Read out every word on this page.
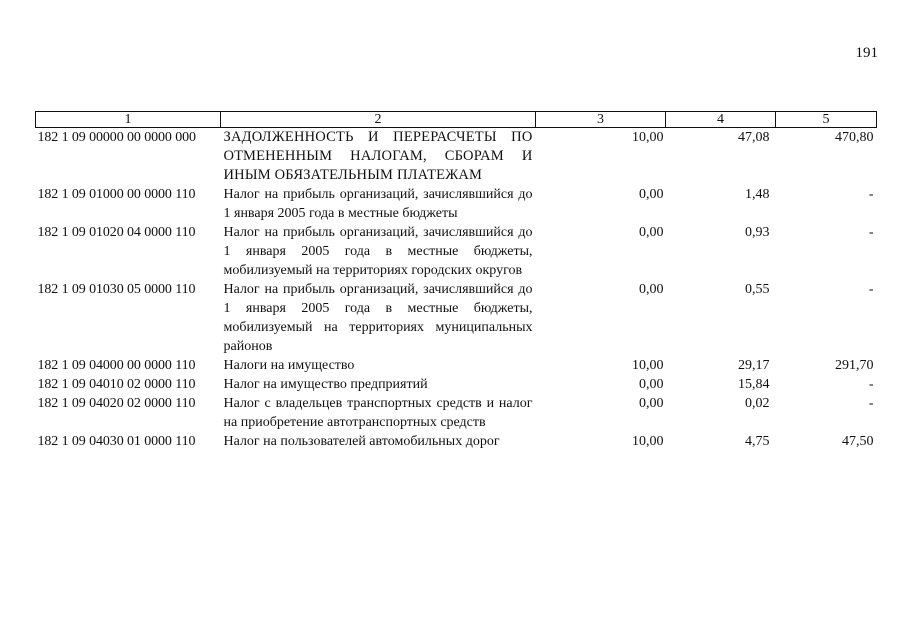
191
1	2	3	4	5
182 1 09 00000 00 0000 000	ЗАДОЛЖЕННОСТЬ И ПЕРЕРАСЧЕТЫ ПО ОТМЕНЕННЫМ НАЛОГАМ, СБОРАМ И ИНЫМ ОБЯЗАТЕЛЬНЫМ ПЛАТЕЖАМ	10,00	47,08	470,80
182 1 09 01000 00 0000 110	Налог на прибыль организаций, зачислявшийся до 1 января 2005 года в местные бюджеты	0,00	1,48	-
182 1 09 01020 04 0000 110	Налог на прибыль организаций, зачислявшийся до 1 января 2005 года в местные бюджеты, мобилизуемый на территориях городских округов	0,00	0,93	-
182 1 09 01030 05 0000 110	Налог на прибыль организаций, зачислявшийся до 1 января 2005 года в местные бюджеты, мобилизуемый на территориях муниципальных районов	0,00	0,55	-
182 1 09 04000 00 0000 110	Налоги на имущество	10,00	29,17	291,70
182 1 09 04010 02 0000 110	Налог на имущество предприятий	0,00	15,84	-
182 1 09 04020 02 0000 110	Налог с владельцев транспортных средств и налог на приобретение автотранспортных средств	0,00	0,02	-
182 1 09 04030 01 0000 110	Налог на пользователей автомобильных дорог	10,00	4,75	47,50
